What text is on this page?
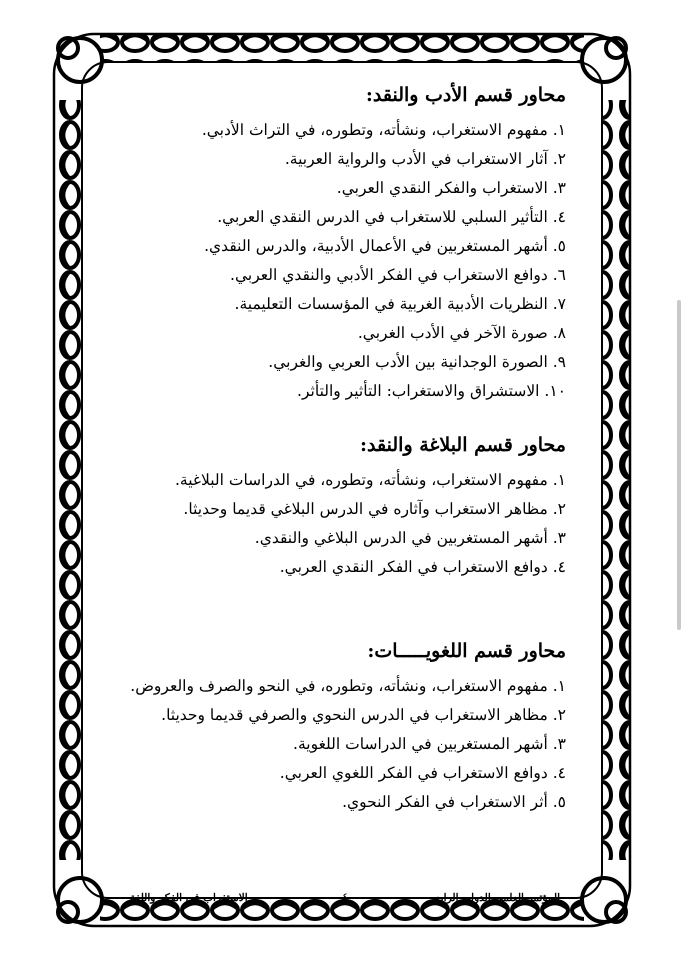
محاور قسم الأدب والنقد:
١. مفهوم الاستغراب، ونشأته، وتطوره، في التراث الأدبي.
٢. آثار الاستغراب في الأدب والرواية العربية.
٣. الاستغراب والفكر النقدي العربي.
٤. التأثير السلبي للاستغراب في الدرس النقدي العربي.
٥. أشهر المستغربين في الأعمال الأدبية، والدرس النقدي.
٦. دوافع الاستغراب في الفكر الأدبي والنقدي العربي.
٧. النظريات الأدبية الغربية في المؤسسات التعليمية.
٨. صورة الآخر في الأدب الغربي.
٩. الصورة الوجدانية بين الأدب العربي والغربي.
١٠. الاستشراق والاستغراب: التأثير والتأثر.
محاور قسم البلاغة والنقد:
١. مفهوم الاستغراب، ونشأته، وتطوره، في الدراسات البلاغية.
٢. مظاهر الاستغراب وآثاره في الدرس البلاغي قديما وحديثا.
٣. أشهر المستغربين في الدرس البلاغي والنقدي.
٤. دوافع الاستغراب في الفكر النقدي العربي.
محاور قسم اللغويـــــات:
١. مفهوم الاستغراب، ونشأته، وتطوره، في النحو والصرف والعروض.
٢. مظاهر الاستغراب في الدرس النحوي والصرفي قديما وحديثا.
٣. أشهر المستغربين في الدراسات اللغوية.
٤. دوافع الاستغراب في الفكر اللغوي العربي.
٥. أثر الاستغراب في الفكر النحوي.
المؤتمر العلمي الدولي الرابع
- ٤ -
الاستغراب في الفكر واللغة
